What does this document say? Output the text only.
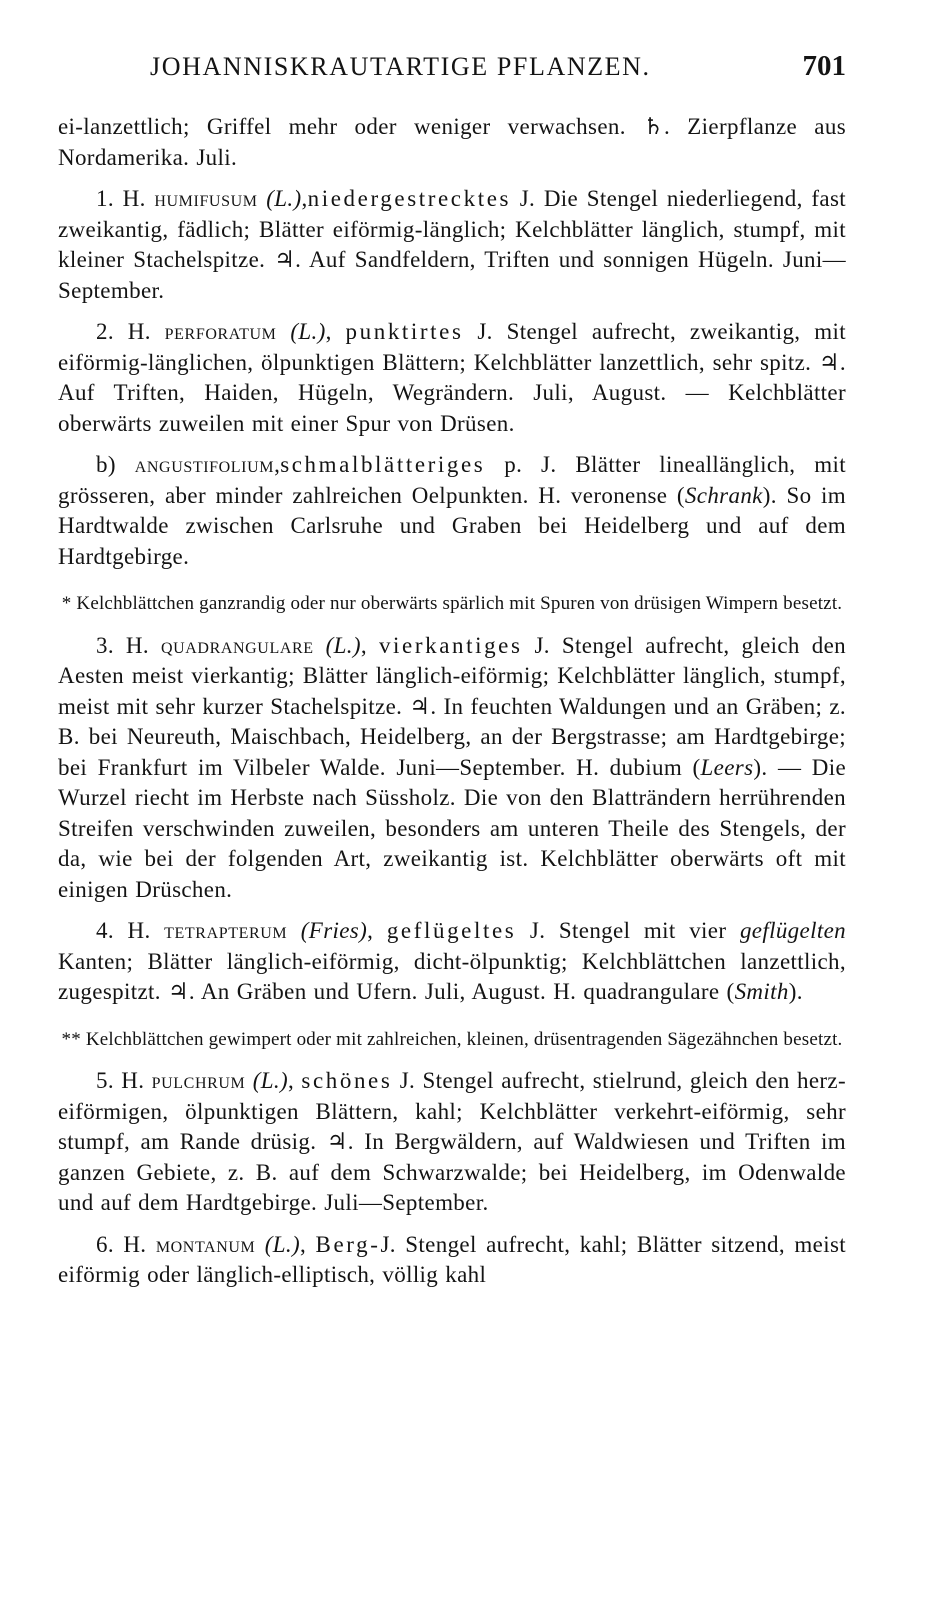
JOHANNISKRAUTARTIGE PFLANZEN.	701

ei-lanzettlich; Griffel mehr oder weniger verwachsen. ♄. Zierpflanze aus Nordamerika. Juli.

1. H. humifusum (L.),niedergestrecktes J. Die Stengel niederliegend, fast zweikantig, fädlich; Blätter eiförmig-länglich; Kelchblätter länglich, stumpf, mit kleiner Stachelspitze. ♃. Auf Sandfeldern, Triften und sonnigen Hügeln. Juni—September.

2. H. perforatum (L.), punktirtes J. Stengel aufrecht, zweikantig, mit eiförmig-länglichen, ölpunktigen Blättern; Kelchblätter lanzettlich, sehr spitz. ♃. Auf Triften, Haiden, Hügeln, Wegrändern. Juli, August. — Kelchblätter oberwärts zuweilen mit einer Spur von Drüsen.

b) angustifolium,schmalblätteriges p. J. Blätter lineallänglich, mit grösseren, aber minder zahlreichen Oelpunkten. H. veronense (Schrank). So im Hardtwalde zwischen Carlsruhe und Graben bei Heidelberg und auf dem Hardtgebirge.

* Kelchblättchen ganzrandig oder nur oberwärts spärlich mit Spuren von drüsigen Wimpern besetzt.

3. H. quadrangulare (L.), vierkantiges J. Stengel aufrecht, gleich den Aesten meist vierkantig; Blätter länglich-eiförmig; Kelchblätter länglich, stumpf, meist mit sehr kurzer Stachelspitze. ♃. In feuchten Waldungen und an Gräben; z. B. bei Neureuth, Maischbach, Heidelberg, an der Bergstrasse; am Hardtgebirge; bei Frankfurt im Vilbeler Walde. Juni—September. H. dubium (Leers). — Die Wurzel riecht im Herbste nach Süssholz. Die von den Blatträndern herrührenden Streifen verschwinden zuweilen, besonders am unteren Theile des Stengels, der da, wie bei der folgenden Art, zweikantig ist. Kelchblätter oberwärts oft mit einigen Drüschen.

4. H. tetrapterum (Fries), geflügeltes J. Stengel mit vier geflügelten Kanten; Blätter länglich-eiförmig, dicht-ölpunktig; Kelchblättchen lanzettlich, zugespitzt. ♃. An Gräben und Ufern. Juli, August. H. quadrangulare (Smith).

** Kelchblättchen gewimpert oder mit zahlreichen, kleinen, drüsentragenden Sägezähnchen besetzt.

5. H. pulchrum (L.), schönes J. Stengel aufrecht, stielrund, gleich den herz-eiförmigen, ölpunktigen Blättern, kahl; Kelchblätter verkehrt-eiförmig, sehr stumpf, am Rande drüsig. ♃. In Bergwäldern, auf Waldwiesen und Triften im ganzen Gebiete, z. B. auf dem Schwarzwalde; bei Heidelberg, im Odenwalde und auf dem Hardtgebirge. Juli—September.

6. H. montanum (L.), Berg-J. Stengel aufrecht, kahl; Blätter sitzend, meist eiförmig oder länglich-elliptisch, völlig kahl
